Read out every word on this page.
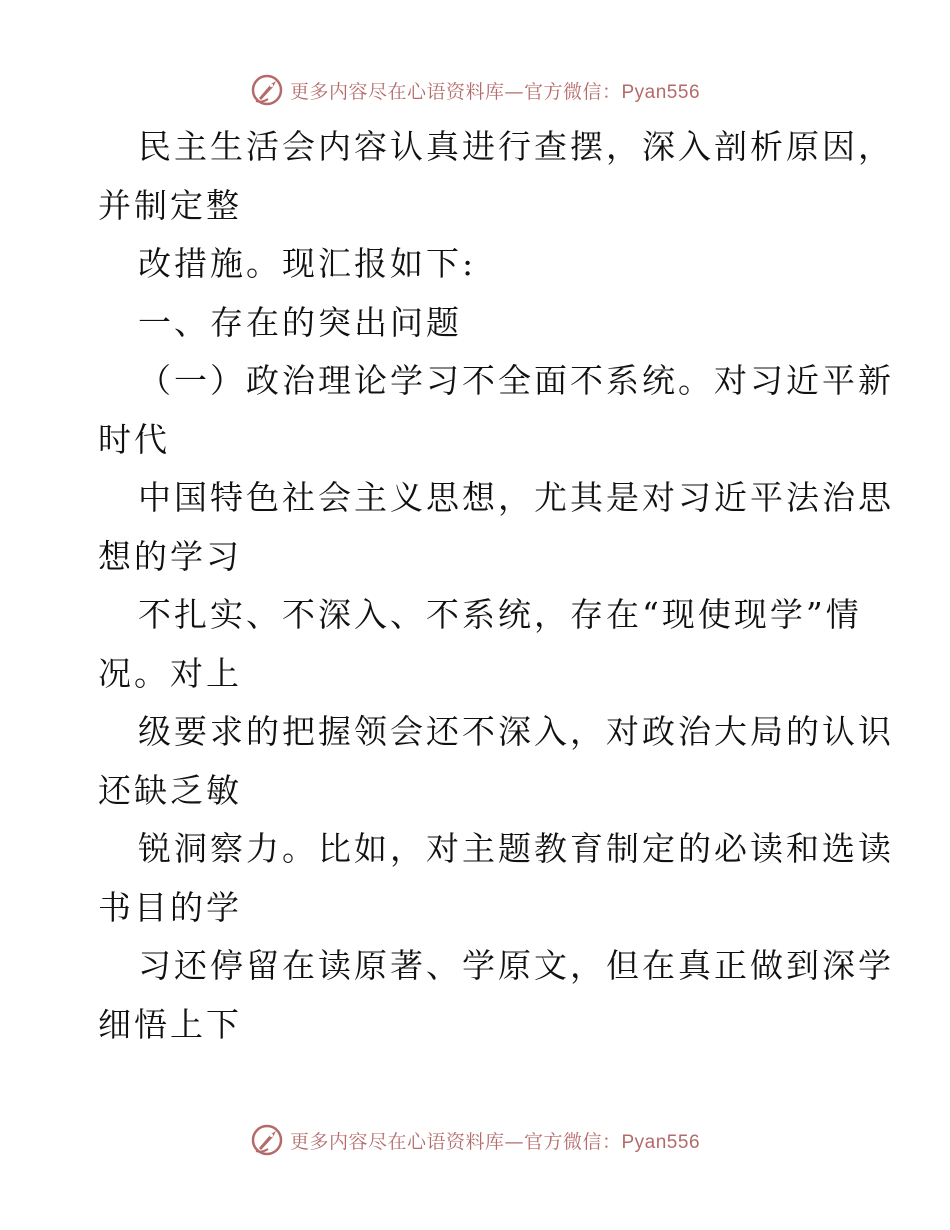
更多内容尽在心语资料库—官方微信：Pyan556
民主生活会内容认真进行查摆，深入剖析原因，
并制定整
改措施。现汇报如下:
一、存在的突出问题
（一）政治理论学习不全面不系统。对习近平新
时代
中国特色社会主义思想，尤其是对习近平法治思
想的学习
不扎实、不深入、不系统，存在“现使现学”情
况。对上
级要求的把握领会还不深入，对政治大局的认识
还缺乏敏
锐洞察力。比如，对主题教育制定的必读和选读
书目的学
习还停留在读原著、学原文，但在真正做到深学
细悟上下
更多内容尽在心语资料库—官方微信：Pyan556
